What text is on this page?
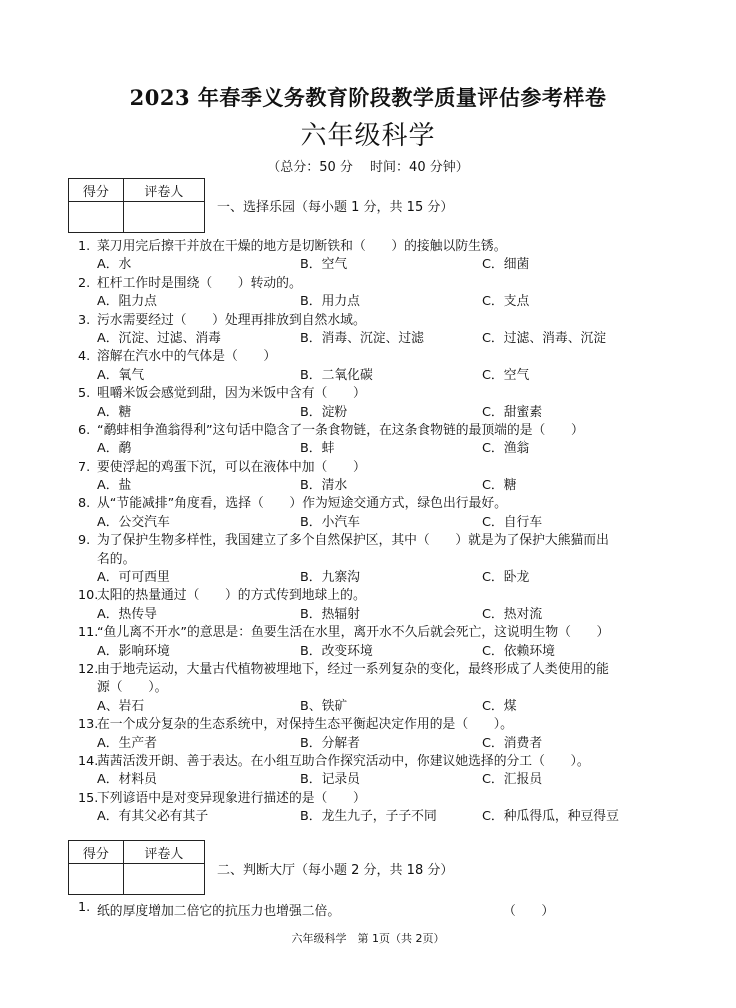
2023 年春季义务教育阶段教学质量评估参考样卷
六年级科学
（总分：50 分　 时间：40 分钟）
得分	评卷人

一、选择乐园（每小题 1 分，共 15 分）
1. 菜刀用完后擦干并放在干燥的地方是切断铁和（　　）的接触以防生锈。
A．水	B．空气	C．细菌
2. 杠杆工作时是围绕（　　）转动的。
A．阻力点	B．用力点	C．支点
3. 污水需要经过（　　）处理再排放到自然水域。
A．沉淀、过滤、消毒	B．消毒、沉淀、过滤	C．过滤、消毒、沉淀
4. 溶解在汽水中的气体是（　　）
A．氧气	B．二氧化碳	C．空气
5. 咀嚼米饭会感觉到甜，因为米饭中含有（　　）
A．糖	B．淀粉	C．甜蜜素
6. “鹬蚌相争渔翁得利”这句话中隐含了一条食物链，在这条食物链的最顶端的是（　　）
A．鹬	B．蚌	C．渔翁
7. 要使浮起的鸡蛋下沉，可以在液体中加（　　）
A．盐	B．清水	C．糖
8. 从“节能减排”角度看，选择（　　）作为短途交通方式，绿色出行最好。
A．公交汽车	B．小汽车	C．自行车
9. 为了保护生物多样性，我国建立了多个自然保护区，其中（　　）就是为了保护大熊猫而出
名的。
A．可可西里	B．九寨沟	C．卧龙
10.
太阳的热量通过（　　）的方式传到地球上的。
A．热传导	B．热辐射	C．热对流
11.
“鱼儿离不开水”的意思是：鱼要生活在水里，离开水不久后就会死亡，这说明生物（　　）
A．影响环境	B．改变环境	C．依赖环境
12.
由于地壳运动，大量古代植物被埋地下，经过一系列复杂的变化，最终形成了人类使用的能
源（　　）。
A、岩石	B、铁矿	C．煤
13.
在一个成分复杂的生态系统中，对保持生态平衡起决定作用的是（　　）。
A．生产者	B．分解者	C．消费者
14.
茜茜活泼开朗、善于表达。在小组互助合作探究活动中，你建议她选择的分工（　　）。
A．材料员	B．记录员	C．汇报员
15.
下列谚语中是对变异现象进行描述的是（　　）
A．有其父必有其子	B．龙生九子，子子不同	C．种瓜得瓜，种豆得豆
得分	评卷人

二、判断大厅（每小题 2 分，共 18 分）
1. 纸的厚度增加二倍它的抗压力也增强二倍。	（　　）
六年级科学　第 1页（共 2页）
